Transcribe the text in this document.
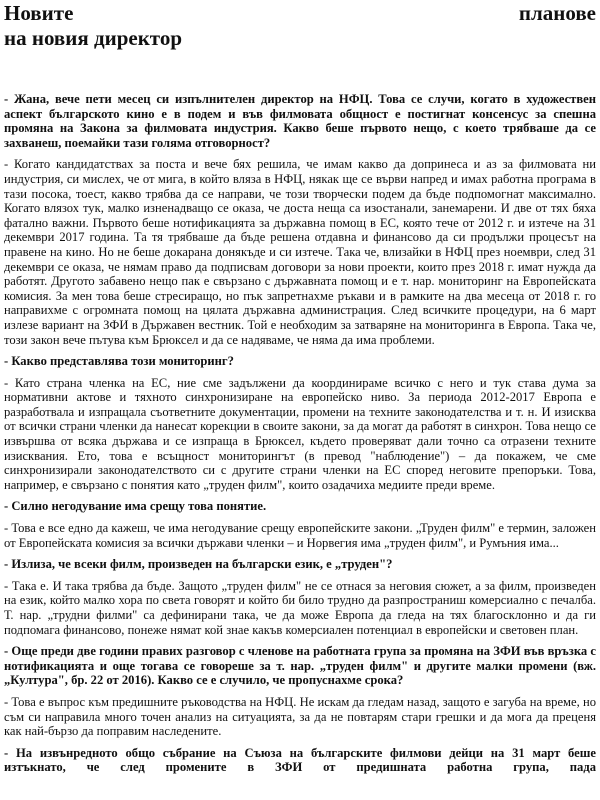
Новите	планове
на новия директор

- Жана, вече пети месец си изпълнителен директор на НФЦ. Това се случи, когато в художествен аспект българското кино е в подем и във филмовата общност е постигнат консенсус за спешна промяна на Закона за филмовата индустрия. Какво беше първото нещо, с което трябваше да се захванеш, поемайки тази голяма отговорност?

- Когато кандидатствах за поста и вече бях решила, че имам какво да допринеса и аз за филмовата ни индустрия, си мислех, че от мига, в който вляза в НФЦ, някак ще се върви напред и имах работна програма в тази посока, тоест, какво трябва да се направи, че този творчески подем да бъде подпомогнат максимално. Когато влязох тук, малко изненадващо се оказа, че доста неща са изостанали, занемарени. И две от тях бяха фатално важни. Първото беше нотификацията за държавна помощ в ЕС, която тече от 2012 г. и изтече на 31 декември 2017 година. Та тя трябваше да бъде решена отдавна и финансово да си продължи процесът на правене на кино. Но не беше докарана донякъде и си изтече. Така че, влизайки в НФЦ през ноември, след 31 декември се оказа, че нямам право да подписвам договори за нови проекти, които през 2018 г. имат нужда да работят. Другото забавено нещо пак е свързано с държавната помощ и е т. нар. мониторинг на Европейската комисия. За мен това беше стресиращо, но пък запретнахме ръкави и в рамките на два месеца от 2018 г. го направихме с огромната помощ на цялата държавна администрация. След всичките процедури, на 6 март излезе вариант на ЗФИ в Държавен вестник. Той е необходим за затваряне на мониторинга в Европа. Така че, този закон вече пътува към Брюксел и да се надяваме, че няма да има проблеми.

- Какво представлява този мониторинг?

- Като страна членка на ЕС, ние сме задължени да координираме всичко с него и тук става дума за нормативни актове и тяхното синхронизиране на европейско ниво. За периода 2012-2017 Европа е разработвала и изпращала съответните документации, промени на техните законодателства и т. н. И изисква от всички страни членки да нанесат корекции в своите закони, за да могат да работят в синхрон. Това нещо се извършва от всяка държава и се изпраща в Брюксел, където проверяват дали точно са отразени техните изисквания. Ето, това е всъщност мониторингът (в превод "наблюдение") – да покажем, че сме синхронизирали законодателството си с другите страни членки на ЕС според неговите препоръки. Това, например, е свързано с понятия като „труден филм", които озадачиха медиите преди време.

- Силно негодувание има срещу това понятие.

- Това е все едно да кажеш, че има негодувание срещу европейските закони. „Труден филм" е термин, заложен от Европейската комисия за всички държави членки – и Норвегия има „труден филм", и Румъния има...

- Излиза, че всеки филм, произведен на български език, е „труден"?

- Така е. И така трябва да бъде. Защото „труден филм" не се отнася за неговия сюжет, а за филм, произведен на език, който малко хора по света говорят и който би било трудно да разпространиш комерсиално с печалба. Т. нар. „трудни филми" са дефинирани така, че да може Европа да гледа на тях благосклонно и да ги подпомага финансово, понеже нямат кой знае какъв комерсиален потенциал в европейски и световен план.

- Още преди две години правих разговор с членове на работната група за промяна на ЗФИ във връзка с нотификацията и още тогава се говореше за т. нар. „труден филм" и другите малки промени (вж. „Култура", бр. 22 от 2016). Какво се е случило, че пропуснахме срока?

- Това е въпрос към предишните ръководства на НФЦ. Не искам да гледам назад, защото е загуба на време, но съм си направила много точен анализ на ситуацията, за да не повтарям стари грешки и да мога да преценя как най-бързо да поправим наследените.

- На извънредното общо събрание на Съюза на българските филмови дейци на 31 март беше изтъкнато, че след промените в ЗФИ от предишната работна група, пада
